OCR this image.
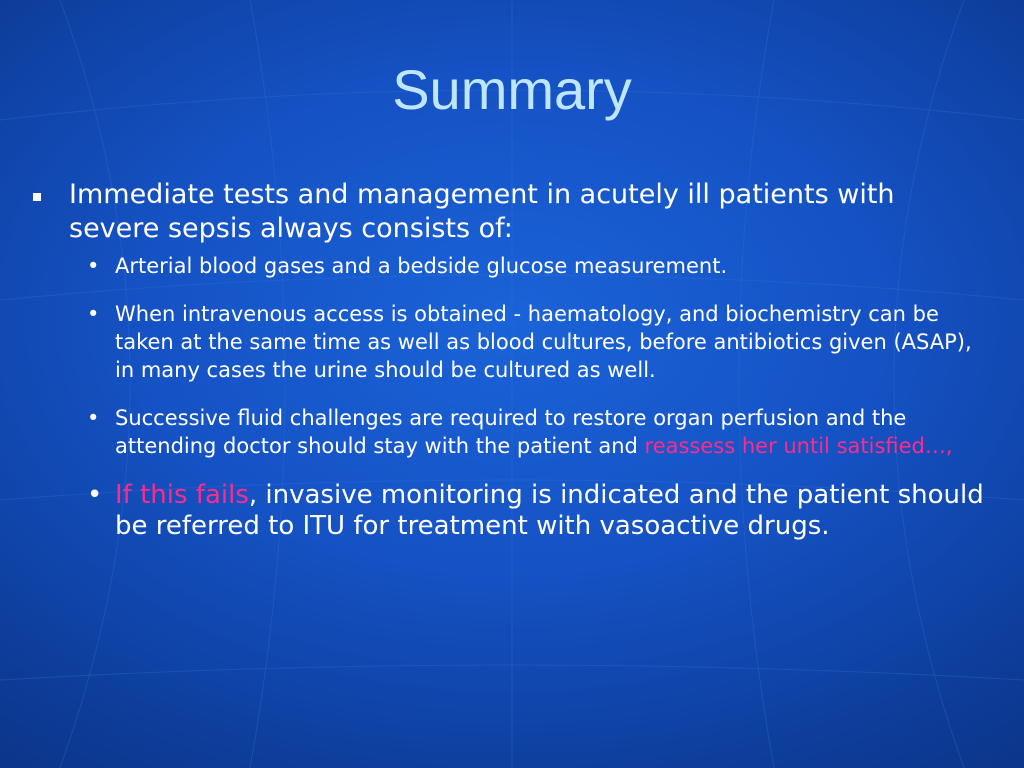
Summary
Immediate tests and management in acutely ill patients with severe sepsis always consists of:
• Arterial blood gases and a bedside glucose measurement.
• When intravenous access is obtained - haematology, and biochemistry can be taken at the same time as well as blood cultures, before antibiotics given (ASAP), in many cases the urine should be cultured as well.
• Successive fluid challenges are required to restore organ perfusion and the attending doctor should stay with the patient and reassess her until satisfied…,
• If this fails, invasive monitoring is indicated and the patient should be referred to ITU for treatment with vasoactive drugs.
